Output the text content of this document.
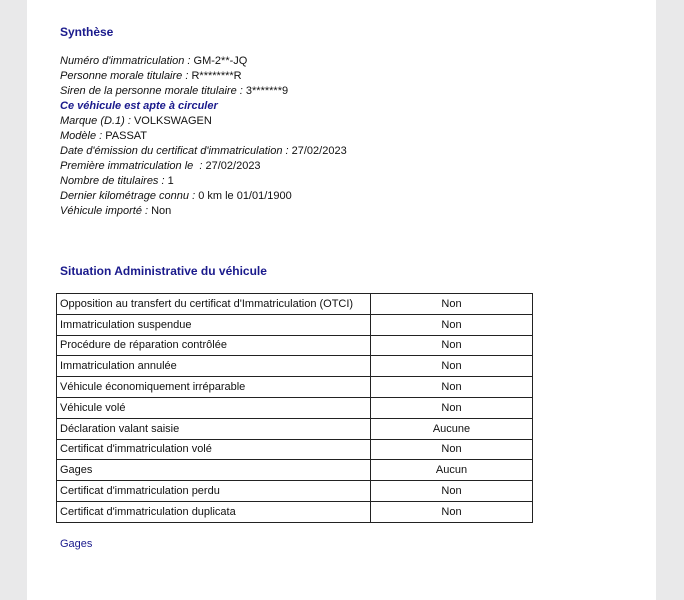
Synthèse
Numéro d'immatriculation : GM-2**-JQ
Personne morale titulaire : R********R
Siren de la personne morale titulaire : 3*******9
Ce véhicule est apte à circuler
Marque (D.1) : VOLKSWAGEN
Modèle : PASSAT
Date d'émission du certificat d'immatriculation : 27/02/2023
Première immatriculation le  : 27/02/2023
Nombre de titulaires : 1
Dernier kilométrage connu : 0 km le 01/01/1900
Véhicule importé : Non
Situation Administrative du véhicule
Opposition au transfert du certificat d'Immatriculation (OTCI)	Non
Immatriculation suspendue	Non
Procédure de réparation contrôlée	Non
Immatriculation annulée	Non
Véhicule économiquement irréparable	Non
Véhicule volé	Non
Déclaration valant saisie	Aucune
Certificat d'immatriculation volé	Non
Gages	Aucun
Certificat d'immatriculation perdu	Non
Certificat d'immatriculation duplicata	Non
Gages
